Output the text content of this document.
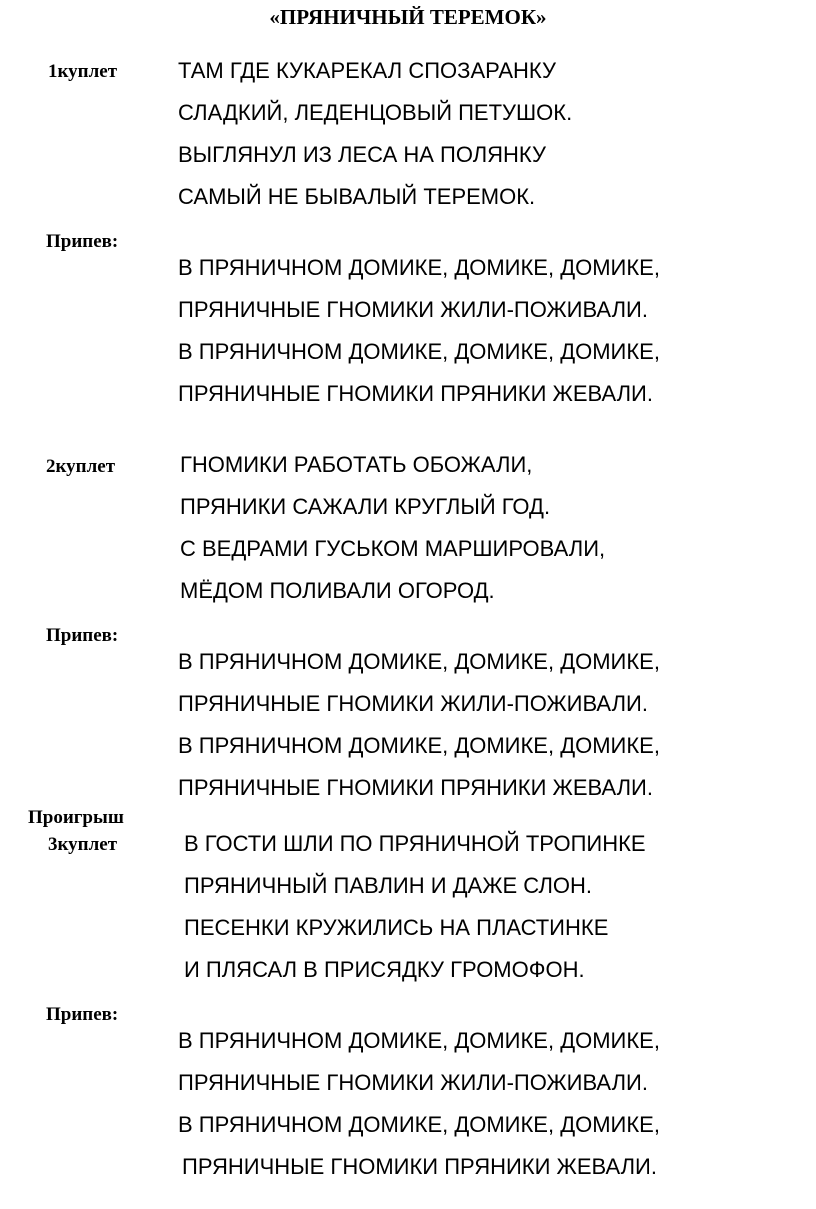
«ПРЯНИЧНЫЙ ТЕРЕМОК»
1куплет	ТАМ ГДЕ КУКАРЕКАЛ СПОЗАРАНКУ
СЛАДКИЙ, ЛЕДЕНЦОВЫЙ ПЕТУШОК.
ВЫГЛЯНУЛ ИЗ ЛЕСА НА ПОЛЯНКУ
САМЫЙ НЕ БЫВАЛЫЙ ТЕРЕМОК.
Припев:
В ПРЯНИЧНОМ ДОМИКЕ, ДОМИКЕ, ДОМИКЕ,
ПРЯНИЧНЫЕ ГНОМИКИ ЖИЛИ-ПОЖИВАЛИ.
В ПРЯНИЧНОМ ДОМИКЕ, ДОМИКЕ, ДОМИКЕ,
ПРЯНИЧНЫЕ ГНОМИКИ ПРЯНИКИ ЖЕВАЛИ.
2куплет	ГНОМИКИ РАБОТАТЬ ОБОЖАЛИ,
ПРЯНИКИ САЖАЛИ КРУГЛЫЙ ГОД.
С ВЕДРАМИ ГУСЬКОМ МАРШИРОВАЛИ,
МЁДОМ ПОЛИВАЛИ ОГОРОД.
Припев:
В ПРЯНИЧНОМ ДОМИКЕ, ДОМИКЕ, ДОМИКЕ,
ПРЯНИЧНЫЕ ГНОМИКИ ЖИЛИ-ПОЖИВАЛИ.
В ПРЯНИЧНОМ ДОМИКЕ, ДОМИКЕ, ДОМИКЕ,
ПРЯНИЧНЫЕ ГНОМИКИ ПРЯНИКИ ЖЕВАЛИ.
Проигрыш
3куплет	В ГОСТИ ШЛИ ПО ПРЯНИЧНОЙ ТРОПИНКЕ
ПРЯНИЧНЫЙ ПАВЛИН И ДАЖЕ СЛОН.
ПЕСЕНКИ КРУЖИЛИСЬ НА ПЛАСТИНКЕ
И ПЛЯСАЛ В ПРИСЯДКУ ГРОМОФОН.
Припев:
В ПРЯНИЧНОМ ДОМИКЕ, ДОМИКЕ, ДОМИКЕ,
ПРЯНИЧНЫЕ ГНОМИКИ ЖИЛИ-ПОЖИВАЛИ.
В ПРЯНИЧНОМ ДОМИКЕ, ДОМИКЕ, ДОМИКЕ,
ПРЯНИЧНЫЕ ГНОМИКИ ПРЯНИКИ ЖЕВАЛИ.
